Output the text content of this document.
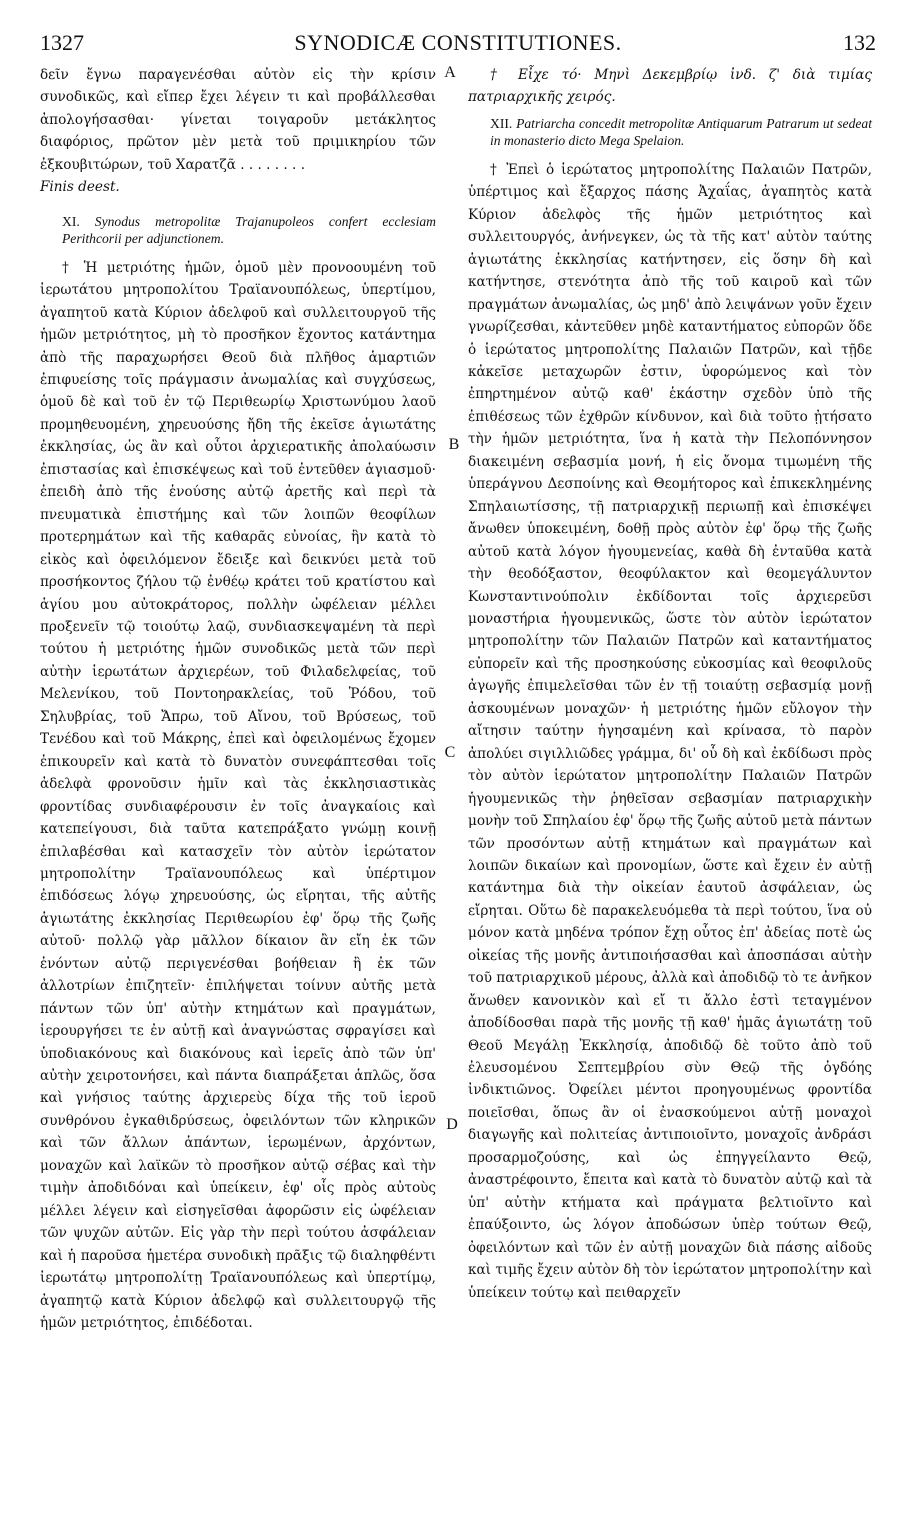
1327	SYNODICÆ CONSTITUTIONES.	132
A
B
C
D

δεῖν ἔγνω παραγενέσθαι αὐτὸν εἰς τὴν κρίσιν συνοδικῶς, καὶ εἴπερ ἔχει λέγειν τι καὶ προβάλλεσθαι ἀπολογήσασθαι· γίνεται τοιγαροῦν μετάκλητος διαφόριος, πρῶτον μὲν μετὰ τοῦ πριμικηρίου τῶν ἐξκουβιτώρων, τοῦ Χαρατζᾶ . . . . . . . .

Finis deest.

XI. Synodus metropolitæ Trajanupoleos confert ecclesiam Perithcorii per adjunctionem.

† Ἡ μετριότης ἡμῶν, ὁμοῦ μὲν προνοουμένη τοῦ ἱερωτάτου μητροπολίτου Τραϊανουπόλεως, ὑπερτίμου, ἀγαπητοῦ κατὰ Κύριον ἀδελφοῦ καὶ συλλειτουργοῦ τῆς ἡμῶν μετριότητος, μὴ τὸ προσῆκον ἔχοντος κατάντημα ἀπὸ τῆς παραχωρήσει Θεοῦ διὰ πλῆθος ἁμαρτιῶν ἐπιφυείσης τοῖς πράγμασιν ἀνωμαλίας καὶ συγχύσεως, ὁμοῦ δὲ καὶ τοῦ ἐν τῷ Περιθεωρίῳ Χριστωνύμου λαοῦ προμηθευομένη, χηρευούσης ἤδη τῆς ἐκεῖσε ἁγιωτάτης ἐκκλησίας, ὡς ἂν καὶ οὗτοι ἀρχιερατικῆς ἀπολαύωσιν ἐπιστασίας καὶ ἐπισκέψεως καὶ τοῦ ἐντεῦθεν ἁγιασμοῦ· ἐπειδὴ ἀπὸ τῆς ἑνούσης αὐτῷ ἀρετῆς καὶ περὶ τὰ πνευματικὰ ἐπιστήμης καὶ τῶν λοιπῶν θεοφίλων προτερημάτων καὶ τῆς καθαρᾶς εὐνοίας, ἣν κατὰ τὸ εἰκὸς καὶ ὀφειλόμενον ἔδειξε καὶ δεικνύει μετὰ τοῦ προσήκοντος ζήλου τῷ ἐνθέῳ κράτει τοῦ κρατίστου καὶ ἁγίου μου αὐτοκράτορος, πολλὴν ὠφέλειαν μέλλει προξενεῖν τῷ τοιούτῳ λαῷ, συνδιασκεψαμένη τὰ περὶ τούτου ἡ μετριότης ἡμῶν συνοδικῶς μετὰ τῶν περὶ αὐτὴν ἱερωτάτων ἀρχιερέων, τοῦ Φιλαδελφείας, τοῦ Μελενίκου, τοῦ Ποντοηρακλείας, τοῦ Ῥόδου, τοῦ Σηλυβρίας, τοῦ Ἄπρω, τοῦ Αἴνου, τοῦ Βρύσεως, τοῦ Τενέδου καὶ τοῦ Μάκρης, ἐπεὶ καὶ ὀφειλομένως ἔχομεν ἐπικουρεῖν καὶ κατὰ τὸ δυνατὸν συνεφάπτεσθαι τοῖς ἀδελφὰ φρονοῦσιν ἡμῖν καὶ τὰς ἐκκλησιαστικὰς φροντίδας συνδιαφέρουσιν ἐν τοῖς ἀναγκαίοις καὶ κατεπείγουσι, διὰ ταῦτα κατεπράξατο γνώμῃ κοινῇ ἐπιλαβέσθαι καὶ κατασχεῖν τὸν αὐτὸν ἱερώτατον μητροπολίτην Τραϊανουπόλεως καὶ ὑπέρτιμον ἐπιδόσεως λόγῳ χηρευούσης, ὡς εἴρηται, τῆς αὐτῆς ἁγιωτάτης ἐκκλησίας Περιθεωρίου ἐφ' ὅρῳ τῆς ζωῆς αὐτοῦ· πολλῷ γὰρ μᾶλλον δίκαιον ἂν εἴη ἐκ τῶν ἐνόντων αὐτῷ περιγενέσθαι βοήθειαν ἢ ἐκ τῶν ἀλλοτρίων ἐπιζητεῖν· ἐπιλήψεται τοίνυν αὐτῆς μετὰ πάντων τῶν ὑπ' αὐτὴν κτημάτων καὶ πραγμάτων, ἱερουργήσει τε ἐν αὐτῇ καὶ ἀναγνώστας σφραγίσει καὶ ὑποδιακόνους καὶ διακόνους καὶ ἱερεῖς ἀπὸ τῶν ὑπ' αὐτὴν χειροτονήσει, καὶ πάντα διαπράξεται ἁπλῶς, ὅσα καὶ γνήσιος ταύτης ἀρχιερεὺς δίχα τῆς τοῦ ἱεροῦ συνθρόνου ἐγκαθιδρύσεως, ὀφειλόντων τῶν κληρικῶν καὶ τῶν ἄλλων ἁπάντων, ἱερωμένων, ἀρχόντων, μοναχῶν καὶ λαϊκῶν τὸ προσῆκον αὐτῷ σέβας καὶ τὴν τιμὴν ἀποδιδόναι καὶ ὑπείκειν, ἐφ' οἷς πρὸς αὐτοὺς μέλλει λέγειν καὶ εἰσηγεῖσθαι ἀφορῶσιν εἰς ὠφέλειαν τῶν ψυχῶν αὐτῶν. Εἰς γὰρ τὴν περὶ τούτου ἀσφάλειαν καὶ ἡ παροῦσα ἡμετέρα συνοδικὴ πρᾶξις τῷ διαληφθέντι ἱερωτάτῳ μητροπολίτῃ Τραϊανουπόλεως καὶ ὑπερτίμῳ, ἀγαπητῷ κατὰ Κύριον ἀδελφῷ καὶ συλλειτουργῷ τῆς ἡμῶν μετριότητος, ἐπιδέδοται.

† Εἶχε τό· Μηνὶ Δεκεμβρίῳ ἰνδ. ζ' διὰ τιμίας πατριαρχικῆς χειρός.

XII. Patriarcha concedit metropolitæ Antiquarum Patrarum ut sedeat in monasterio dicto Mega Spelaion.

† Ἐπεὶ ὁ ἱερώτατος μητροπολίτης Παλαιῶν Πατρῶν, ὑπέρτιμος καὶ ἔξαρχος πάσης Ἀχαΐας, ἀγαπητὸς κατὰ Κύριον ἀδελφὸς τῆς ἡμῶν μετριότητος καὶ συλλειτουργός, ἀνήνεγκεν, ὡς τὰ τῆς κατ' αὐτὸν ταύτης ἁγιωτάτης ἐκκλησίας κατήντησεν, εἰς ὅσην δὴ καὶ κατήντησε, στενότητα ἀπὸ τῆς τοῦ καιροῦ καὶ τῶν πραγμάτων ἀνωμαλίας, ὡς μηδ' ἀπὸ λειψάνων γοῦν ἔχειν γνωρίζεσθαι, κἀντεῦθεν μηδὲ καταντήματος εὐπορῶν ὅδε ὁ ἱερώτατος μητροπολίτης Παλαιῶν Πατρῶν, καὶ τῇδε κἀκεῖσε μεταχωρῶν ἐστιν, ὑφορώμενος καὶ τὸν ἐπηρτημένον αὐτῷ καθ' ἑκάστην σχεδὸν ὑπὸ τῆς ἐπιθέσεως τῶν ἐχθρῶν κίνδυνον, καὶ διὰ τοῦτο ᾐτήσατο τὴν ἡμῶν μετριότητα, ἵνα ἡ κατὰ τὴν Πελοπόννησον διακειμένη σεβασμία μονή, ἡ εἰς ὄνομα τιμωμένη τῆς ὑπεράγνου Δεσποίνης καὶ Θεομήτορος καὶ ἐπικεκλημένης Σπηλαιωτίσσης, τῇ πατριαρχικῇ περιωπῇ καὶ ἐπισκέψει ἄνωθεν ὑποκειμένη, δοθῇ πρὸς αὐτὸν ἐφ' ὅρῳ τῆς ζωῆς αὐτοῦ κατὰ λόγον ἡγουμενείας, καθὰ δὴ ἐνταῦθα κατὰ τὴν θεοδόξαστον, θεοφύλακτον καὶ θεομεγάλυντον Κωνσταντινούπολιν ἐκδίδονται τοῖς ἀρχιερεῦσι μοναστήρια ἡγουμενικῶς, ὥστε τὸν αὐτὸν ἱερώτατον μητροπολίτην τῶν Παλαιῶν Πατρῶν καὶ καταντήματος εὐπορεῖν καὶ τῆς προσηκούσης εὐκοσμίας καὶ θεοφιλοῦς ἀγωγῆς ἐπιμελεῖσθαι τῶν ἐν τῇ τοιαύτῃ σεβασμίᾳ μονῇ ἀσκουμένων μοναχῶν· ἡ μετριότης ἡμῶν εὔλογον τὴν αἴτησιν ταύτην ἡγησαμένη καὶ κρίνασα, τὸ παρὸν ἀπολύει σιγιλλιῶδες γράμμα, δι' οὗ δὴ καὶ ἐκδίδωσι πρὸς τὸν αὐτὸν ἱερώτατον μητροπολίτην Παλαιῶν Πατρῶν ἡγουμενικῶς τὴν ῥηθεῖσαν σεβασμίαν πατριαρχικὴν μονὴν τοῦ Σπηλαίου ἐφ' ὅρῳ τῆς ζωῆς αὐτοῦ μετὰ πάντων τῶν προσόντων αὐτῇ κτημάτων καὶ πραγμάτων καὶ λοιπῶν δικαίων καὶ προνομίων, ὥστε καὶ ἔχειν ἐν αὐτῇ κατάντημα διὰ τὴν οἰκείαν ἑαυτοῦ ἀσφάλειαν, ὡς εἴρηται. Οὕτω δὲ παρακελευόμεθα τὰ περὶ τούτου, ἵνα οὐ μόνον κατὰ μηδένα τρόπον ἔχῃ οὗτος ἐπ' ἀδείας ποτὲ ὡς οἰκείας τῆς μονῆς ἀντιποιήσασθαι καὶ ἀποσπάσαι αὐτὴν τοῦ πατριαρχικοῦ μέρους, ἀλλὰ καὶ ἀποδιδῷ τὸ τε ἀνῆκον ἄνωθεν κανονικὸν καὶ εἴ τι ἄλλο ἐστὶ τεταγμένον ἀποδίδοσθαι παρὰ τῆς μονῆς τῇ καθ' ἡμᾶς ἁγιωτάτῃ τοῦ Θεοῦ Μεγάλῃ Ἐκκλησίᾳ, ἀποδιδῷ δὲ τοῦτο ἀπὸ τοῦ ἐλευσομένου Σεπτεμβρίου σὺν Θεῷ τῆς ὀγδόης ἰνδικτιῶνος. Ὀφείλει μέντοι προηγουμένως φροντίδα ποιεῖσθαι, ὅπως ἂν οἱ ἐνασκούμενοι αὐτῇ μοναχοὶ διαγωγῆς καὶ πολιτείας ἀντιποιοῖντο, μοναχοῖς ἀνδράσι προσαρμοζούσης, καὶ ὡς ἐπηγγείλαντο Θεῷ, ἀναστρέφοιντο, ἔπειτα καὶ κατὰ τὸ δυνατὸν αὐτῷ καὶ τὰ ὑπ' αὐτὴν κτήματα καὶ πράγματα βελτιοῖντο καὶ ἐπαύξοιντο, ὡς λόγον ἀποδώσων ὑπὲρ τούτων Θεῷ, ὀφειλόντων καὶ τῶν ἐν αὐτῇ μοναχῶν διὰ πάσης αἰδοῦς καὶ τιμῆς ἔχειν αὐτὸν δὴ τὸν ἱερώτατον μητροπολίτην καὶ ὑπείκειν τούτῳ καὶ πειθαρχεῖν
